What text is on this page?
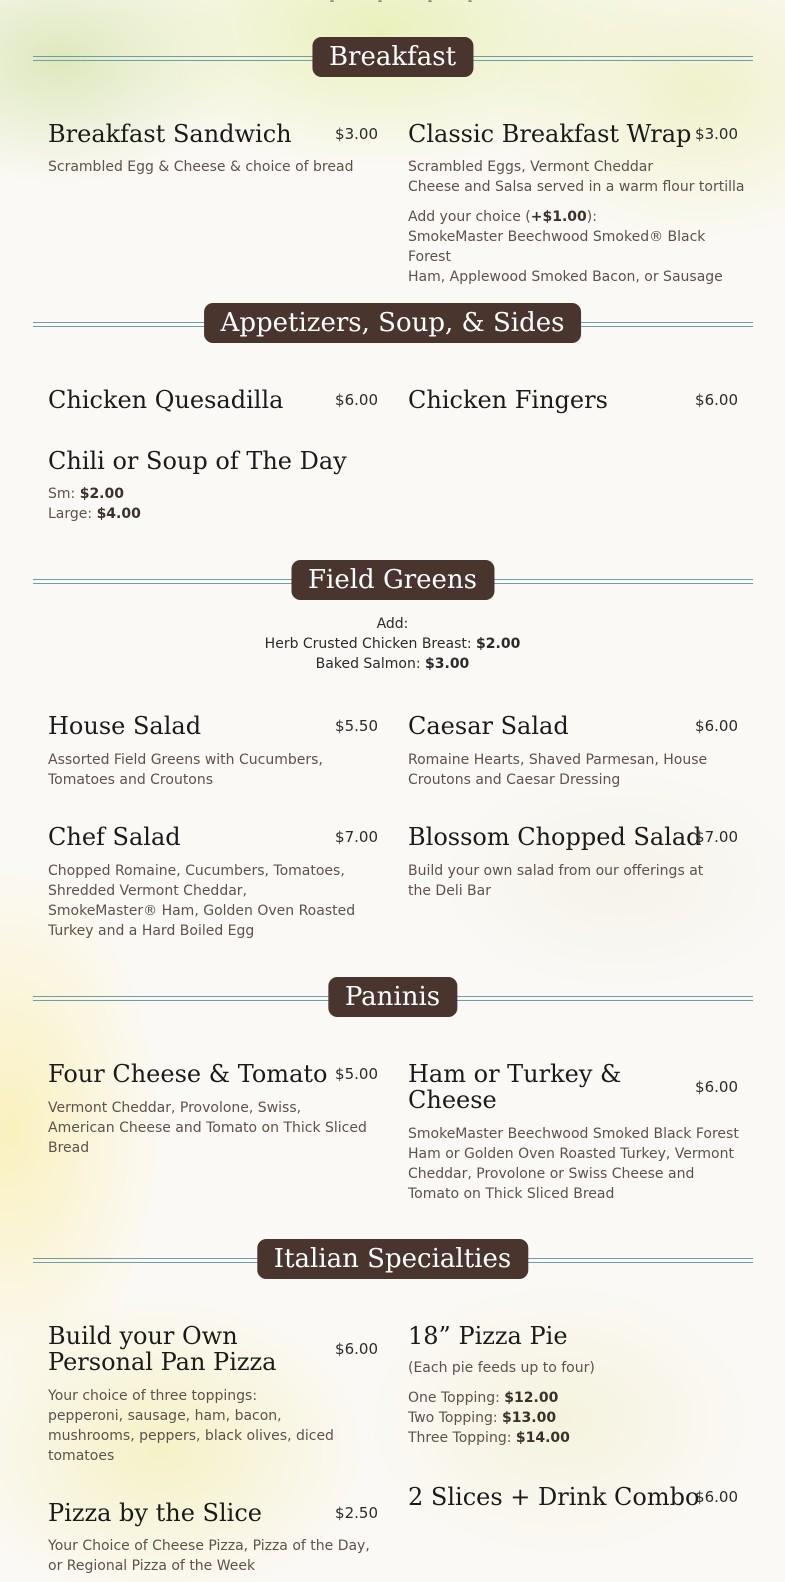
Breakfast
Breakfast Sandwich	$3.00
Scrambled Egg & Cheese & choice of bread
Classic Breakfast Wrap $3.00
Scrambled Eggs, Vermont Cheddar
Cheese and Salsa served in a warm flour tortilla
Add your choice (+$1.00):
SmokeMaster Beechwood Smoked® Black Forest
Ham, Applewood Smoked Bacon, or Sausage
Appetizers, Soup, & Sides
Chicken Quesadilla	$6.00 Chicken Fingers	$6.00
Chili or Soup of The Day
Sm: $2.00
Large: $4.00
Field Greens
Add:
Herb Crusted Chicken Breast: $2.00
Baked Salmon: $3.00
House Salad	$5.50
Assorted Field Greens with Cucumbers, Tomatoes and Croutons
Caesar Salad	$6.00
Romaine Hearts, Shaved Parmesan, House Croutons and Caesar Dressing
Chef Salad	$7.00
Chopped Romaine, Cucumbers, Tomatoes, Shredded Vermont Cheddar, SmokeMaster® Ham, Golden Oven Roasted Turkey and a Hard Boiled Egg
Blossom Chopped Salad
$7.00
Build your own salad from our offerings at the Deli Bar
Paninis
Four Cheese & Tomato $5.00
Vermont Cheddar, Provolone, Swiss, American Cheese and Tomato on Thick Sliced Bread
Ham or Turkey & Cheese	$6.00
SmokeMaster Beechwood Smoked Black Forest Ham or Golden Oven Roasted Turkey, Vermont Cheddar, Provolone or Swiss Cheese and Tomato on Thick Sliced Bread
Italian Specialties
Build your Own Personal Pan Pizza	$6.00
Your choice of three toppings:
pepperoni, sausage, ham, bacon, mushrooms, peppers, black olives, diced tomatoes
18” Pizza Pie
(Each pie feeds up to four)
One Topping: $12.00
Two Topping: $13.00
Three Topping: $14.00
2 Slices + Drink Combo
$6.00
Pizza by the Slice	$2.50
Your Choice of Cheese Pizza, Pizza of the Day, or Regional Pizza of the Week
